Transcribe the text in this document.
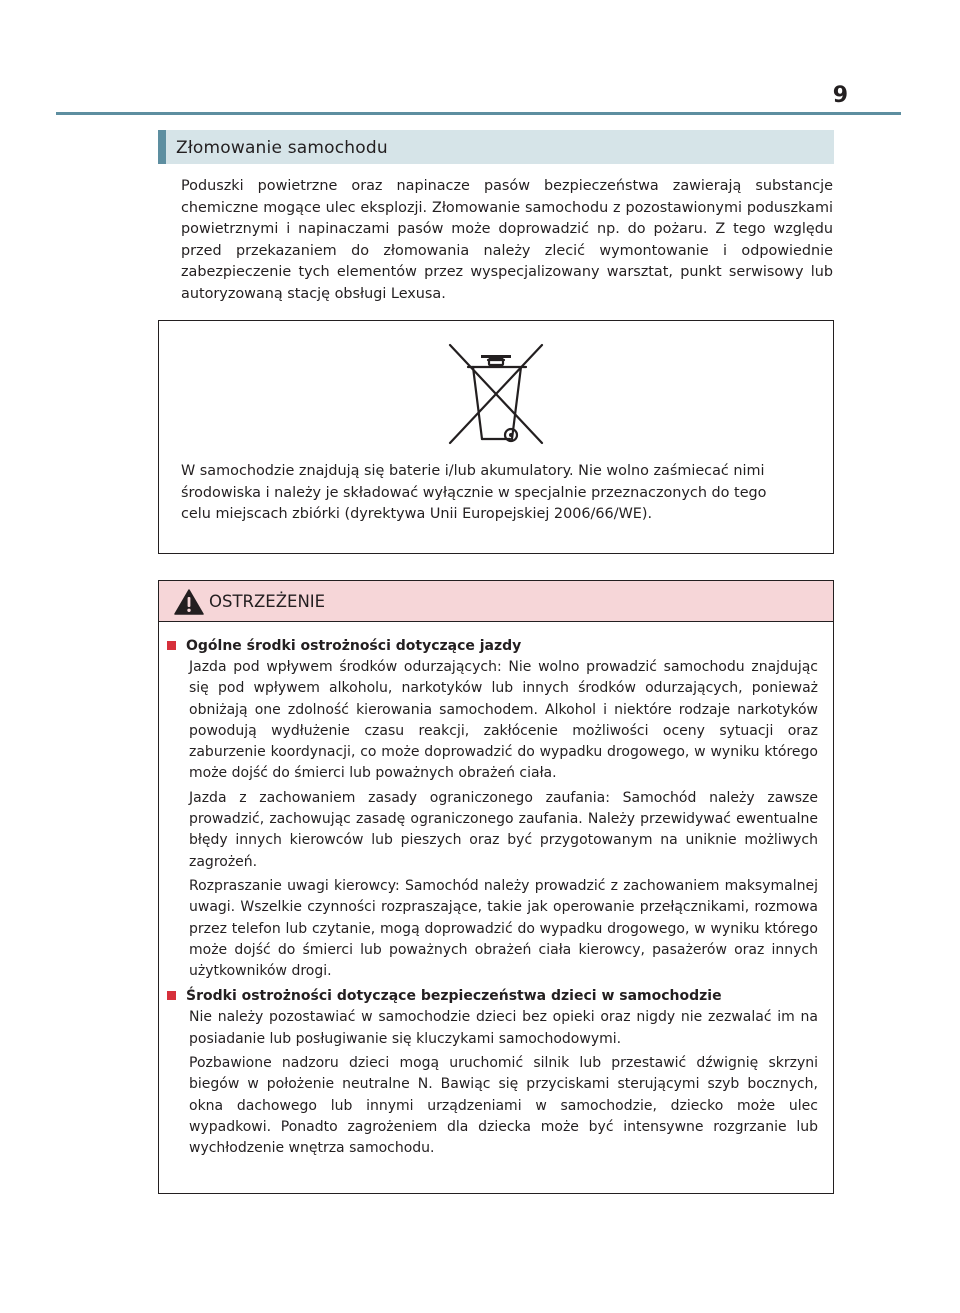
9
Złomowanie samochodu

Poduszki powietrzne oraz napinacze pasów bezpieczeństwa zawierają substancje chemiczne mogące ulec eksplozji. Złomowanie samochodu z pozostawionymi poduszkami powietrznymi i napinaczami pasów może doprowadzić np. do pożaru. Z tego względu przed przekazaniem do złomowania należy zlecić wymontowanie i odpowiednie zabezpieczenie tych elementów przez wyspecjalizowany warsztat, punkt serwisowy lub autoryzowaną stację obsługi Lexusa.

W samochodzie znajdują się baterie i/lub akumulatory. Nie wolno zaśmiecać nimi
środowiska i należy je składować wyłącznie w specjalnie przeznaczonych do tego
celu miejscach zbiórki (dyrektywa Unii Europejskiej 2006/66/WE).

OSTRZEŻENIE
Ogólne środki ostrożności dotyczące jazdy

Jazda pod wpływem środków odurzających: Nie wolno prowadzić samochodu znajdując się pod wpływem alkoholu, narkotyków lub innych środków odurzających, ponieważ obniżają one zdolność kierowania samochodem. Alkohol i niektóre rodzaje narkotyków powodują wydłużenie czasu reakcji, zakłócenie możliwości oceny sytuacji oraz zaburzenie koordynacji, co może doprowadzić do wypadku drogowego, w wyniku którego może dojść do śmierci lub poważnych obrażeń ciała.

Jazda z zachowaniem zasady ograniczonego zaufania: Samochód należy zawsze prowadzić, zachowując zasadę ograniczonego zaufania. Należy przewidywać ewentualne błędy innych kierowców lub pieszych oraz być przygotowanym na uniknie możliwych zagrożeń.

Rozpraszanie uwagi kierowcy: Samochód należy prowadzić z zachowaniem maksymalnej uwagi. Wszelkie czynności rozpraszające, takie jak operowanie przełącznikami, rozmowa przez telefon lub czytanie, mogą doprowadzić do wypadku drogowego, w wyniku którego może dojść do śmierci lub poważnych obrażeń ciała kierowcy, pasażerów oraz innych użytkowników drogi.

Środki ostrożności dotyczące bezpieczeństwa dzieci w samochodzie

Nie należy pozostawiać w samochodzie dzieci bez opieki oraz nigdy nie zezwalać im na posiadanie lub posługiwanie się kluczykami samochodowymi.

Pozbawione nadzoru dzieci mogą uruchomić silnik lub przestawić dźwignię skrzyni biegów w położenie neutralne N. Bawiąc się przyciskami sterującymi szyb bocznych, okna dachowego lub innymi urządzeniami w samochodzie, dziecko może ulec wypadkowi. Ponadto zagrożeniem dla dziecka może być intensywne rozgrzanie lub wychłodzenie wnętrza samochodu.
